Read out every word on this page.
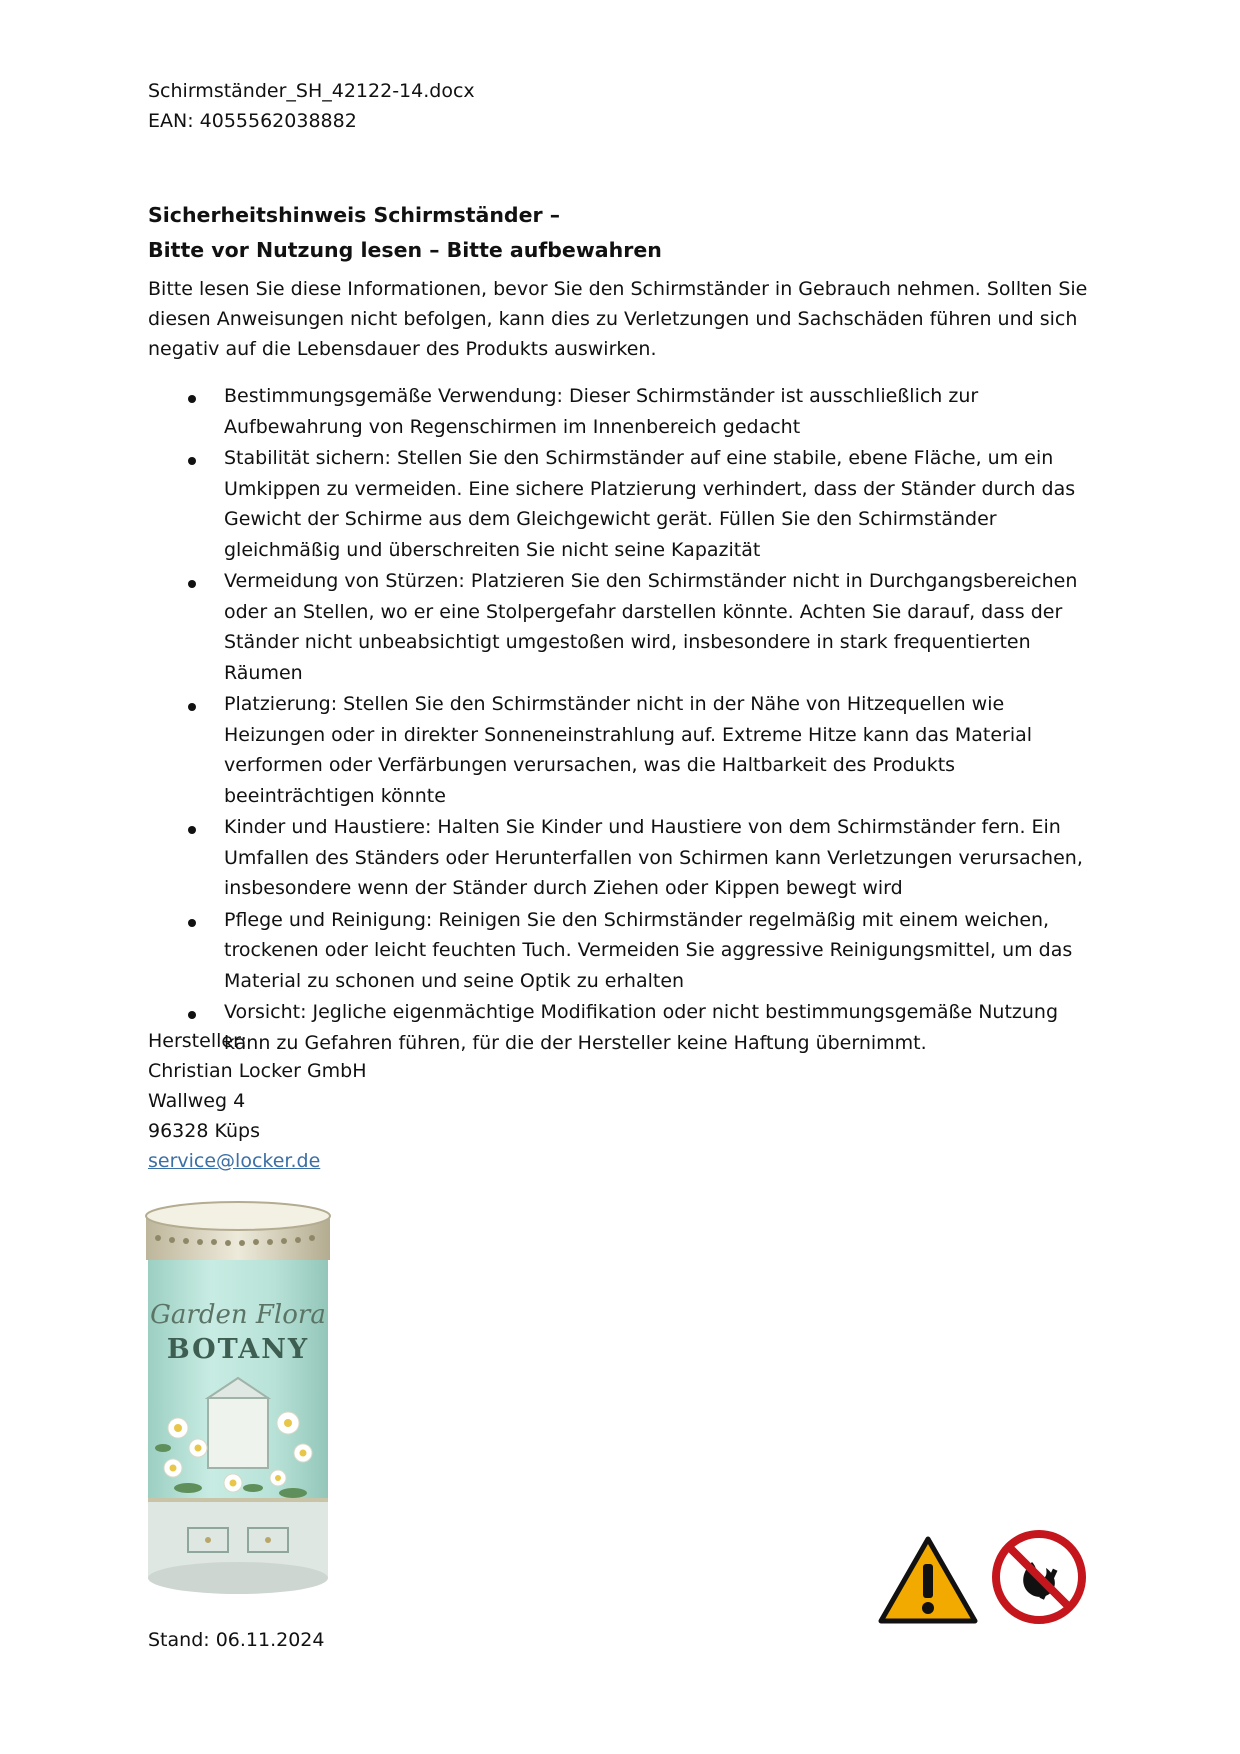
Schirmständer_SH_42122-14.docx
EAN: 4055562038882
Sicherheitshinweis Schirmständer –
Bitte vor Nutzung lesen – Bitte aufbewahren
Bitte lesen Sie diese Informationen, bevor Sie den Schirmständer in Gebrauch nehmen. Sollten Sie diesen Anweisungen nicht befolgen, kann dies zu Verletzungen und Sachschäden führen und sich negativ auf die Lebensdauer des Produkts auswirken.
Bestimmungsgemäße Verwendung: Dieser Schirmständer ist ausschließlich zur Aufbewahrung von Regenschirmen im Innenbereich gedacht
Stabilität sichern: Stellen Sie den Schirmständer auf eine stabile, ebene Fläche, um ein Umkippen zu vermeiden. Eine sichere Platzierung verhindert, dass der Ständer durch das Gewicht der Schirme aus dem Gleichgewicht gerät. Füllen Sie den Schirmständer gleichmäßig und überschreiten Sie nicht seine Kapazität
Vermeidung von Stürzen: Platzieren Sie den Schirmständer nicht in Durchgangsbereichen oder an Stellen, wo er eine Stolpergefahr darstellen könnte. Achten Sie darauf, dass der Ständer nicht unbeabsichtigt umgestoßen wird, insbesondere in stark frequentierten Räumen
Platzierung: Stellen Sie den Schirmständer nicht in der Nähe von Hitzequellen wie Heizungen oder in direkter Sonneneinstrahlung auf. Extreme Hitze kann das Material verformen oder Verfärbungen verursachen, was die Haltbarkeit des Produkts beeinträchtigen könnte
Kinder und Haustiere: Halten Sie Kinder und Haustiere von dem Schirmständer fern. Ein Umfallen des Ständers oder Herunterfallen von Schirmen kann Verletzungen verursachen, insbesondere wenn der Ständer durch Ziehen oder Kippen bewegt wird
Pflege und Reinigung: Reinigen Sie den Schirmständer regelmäßig mit einem weichen, trockenen oder leicht feuchten Tuch. Vermeiden Sie aggressive Reinigungsmittel, um das Material zu schonen und seine Optik zu erhalten
Vorsicht: Jegliche eigenmächtige Modifikation oder nicht bestimmungsgemäße Nutzung kann zu Gefahren führen, für die der Hersteller keine Haftung übernimmt.
Hersteller:
Christian Locker GmbH
Wallweg 4
96328 Küps
service@locker.de
Garden Flora
BOTANY
Stand: 06.11.2024
